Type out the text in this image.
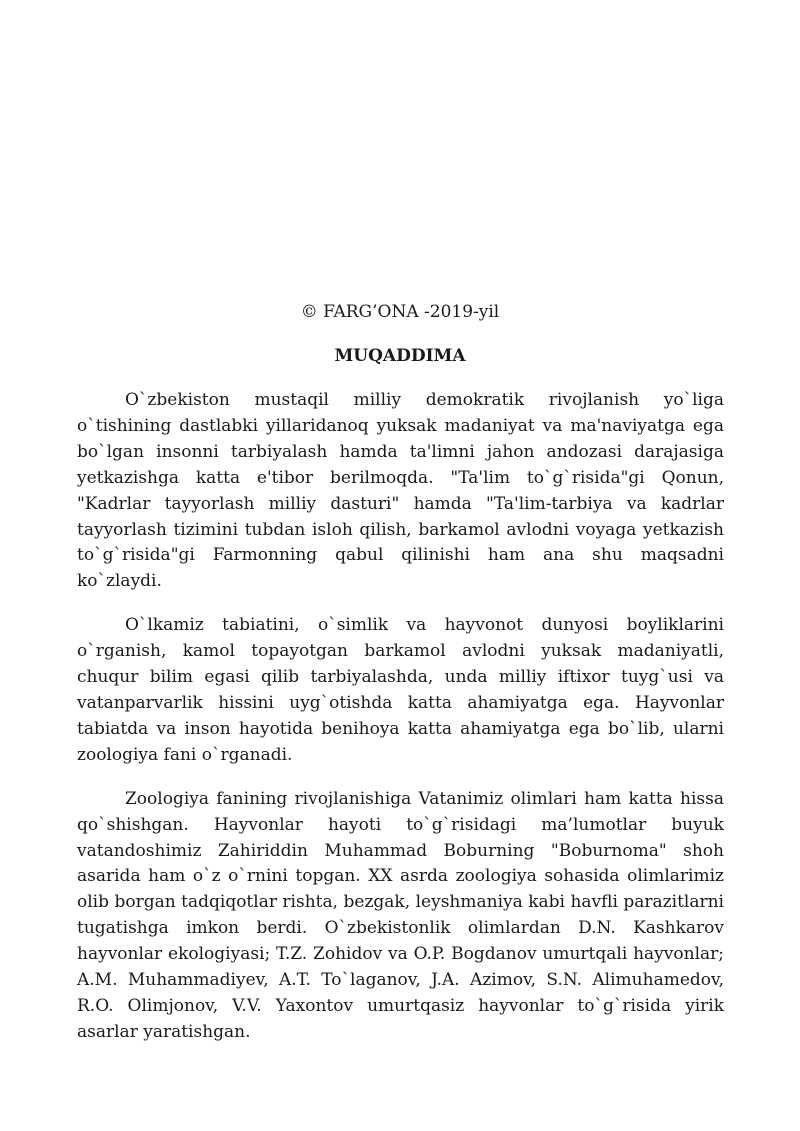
© FARG’ONA -2019-yil

MUQADDIMA

O`zbekiston mustaqil milliy demokratik rivojlanish yo`liga o`tishining dastlabki yillaridanoq yuksak madaniyat va ma'naviyatga ega bo`lgan insonni tarbiyalash hamda ta'limni jahon andozasi darajasiga yetkazishga katta e'tibor berilmoqda. "Ta'lim to`g`risida"gi Qonun, "Kadrlar tayyorlash milliy dasturi" hamda "Ta'lim-tarbiya va kadrlar tayyorlash tizimini tubdan isloh qilish, barkamol avlodni voyaga yetkazish to`g`risida"gi Farmonning qabul qilinishi ham ana shu maqsadni ko`zlaydi.

O`lkamiz tabiatini, o`simlik va hayvonot dunyosi boyliklarini o`rganish, kamol topayotgan barkamol avlodni yuksak madaniyatli, chuqur bilim egasi qilib tarbiyalashda, unda milliy iftixor tuyg`usi va vatanparvarlik hissini uyg`otishda katta ahamiyatga ega. Hayvonlar tabiatda va inson hayotida benihoya katta ahamiyatga ega bo`lib, ularni zoologiya fani o`rganadi.

Zoologiya fanining rivojlanishiga Vatanimiz olimlari ham katta hissa qo`shishgan. Hayvonlar hayoti to`g`risidagi ma’lumotlar buyuk vatandoshimiz Zahiriddin Muhammad Boburning "Boburnoma" shoh asarida ham o`z o`rnini topgan. XX asrda zoologiya sohasida olimlarimiz olib borgan tadqiqotlar rishta, bezgak, leyshmaniya kabi havfli parazitlarni tugatishga imkon berdi. O`zbekistonlik olimlardan D.N. Kashkarov hayvonlar ekologiyasi; T.Z. Zohidov va O.P. Bogdanov umurtqali hayvonlar; A.M. Muhammadiyev, A.T. To`laganov, J.A. Azimov, S.N. Alimuhamedov, R.O. Olimjonov, V.V. Yaxontov umurtqasiz hayvonlar to`g`risida yirik asarlar yaratishgan.
